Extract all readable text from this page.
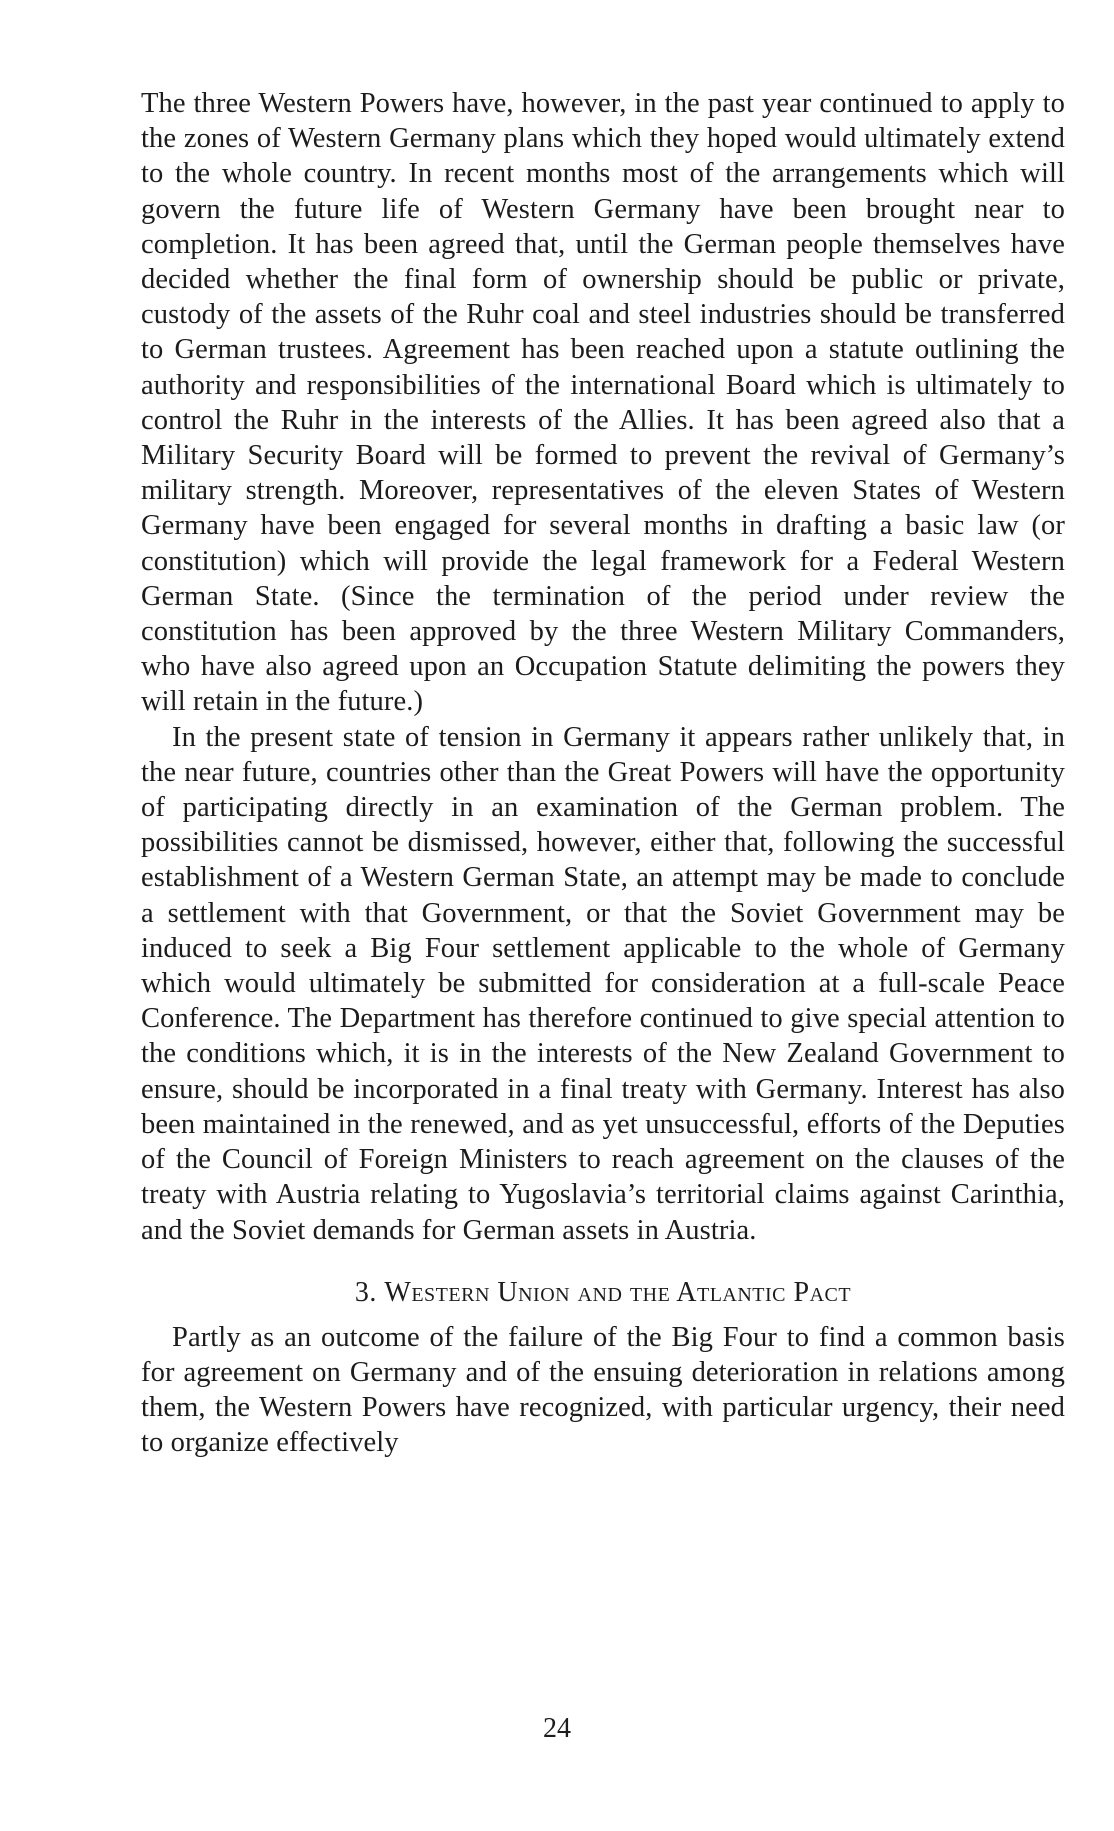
The three Western Powers have, however, in the past year continued to apply to the zones of Western Germany plans which they hoped would ultimately extend to the whole country. In recent months most of the arrangements which will govern the future life of Western Germany have been brought near to completion. It has been agreed that, until the German people themselves have decided whether the final form of ownership should be public or private, custody of the assets of the Ruhr coal and steel industries should be transferred to German trustees. Agreement has been reached upon a statute outlining the authority and responsibilities of the international Board which is ultimately to control the Ruhr in the interests of the Allies. It has been agreed also that a Military Security Board will be formed to prevent the revival of Germany’s military strength. Moreover, representatives of the eleven States of Western Germany have been engaged for several months in drafting a basic law (or constitution) which will provide the legal framework for a Federal Western German State. (Since the termination of the period under review the constitution has been approved by the three Western Military Commanders, who have also agreed upon an Occupation Statute delimiting the powers they will retain in the future.)

In the present state of tension in Germany it appears rather unlikely that, in the near future, countries other than the Great Powers will have the opportunity of participating directly in an examination of the German problem. The possibilities cannot be dismissed, however, either that, following the successful establishment of a Western German State, an attempt may be made to conclude a settlement with that Government, or that the Soviet Government may be induced to seek a Big Four settlement applicable to the whole of Germany which would ultimately be submitted for consideration at a full-scale Peace Conference. The Department has therefore continued to give special attention to the conditions which, it is in the interests of the New Zealand Government to ensure, should be incorporated in a final treaty with Germany. Interest has also been maintained in the renewed, and as yet unsuccessful, efforts of the Deputies of the Council of Foreign Ministers to reach agreement on the clauses of the treaty with Austria relating to Yugoslavia’s territorial claims against Carinthia, and the Soviet demands for German assets in Austria.

3. Western Union and the Atlantic Pact

Partly as an outcome of the failure of the Big Four to find a common basis for agreement on Germany and of the ensuing deterioration in relations among them, the Western Powers have recognized, with particular urgency, their need to organize effectively

24
